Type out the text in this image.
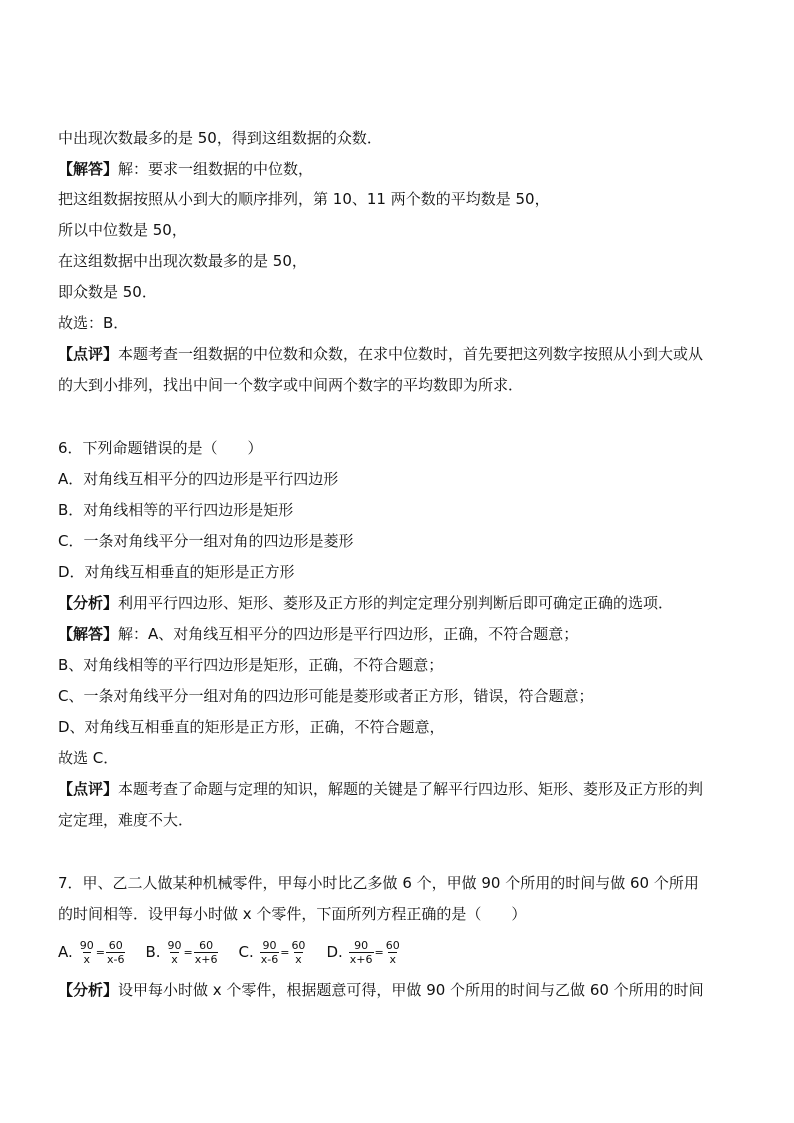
中出现次数最多的是 50，得到这组数据的众数．
【解答】解：要求一组数据的中位数，
把这组数据按照从小到大的顺序排列，第 10、11 两个数的平均数是 50，
所以中位数是 50，
在这组数据中出现次数最多的是 50，
即众数是 50．
故选：B．
【点评】本题考查一组数据的中位数和众数，在求中位数时，首先要把这列数字按照从小到大或从
的大到小排列，找出中间一个数字或中间两个数字的平均数即为所求．
6．下列命题错误的是（　　）
A．对角线互相平分的四边形是平行四边形
B．对角线相等的平行四边形是矩形
C．一条对角线平分一组对角的四边形是菱形
D．对角线互相垂直的矩形是正方形
【分析】利用平行四边形、矩形、菱形及正方形的判定定理分别判断后即可确定正确的选项．
【解答】解：A、对角线互相平分的四边形是平行四边形，正确，不符合题意；
B、对角线相等的平行四边形是矩形，正确，不符合题意；
C、一条对角线平分一组对角的四边形可能是菱形或者正方形，错误，符合题意；
D、对角线互相垂直的矩形是正方形，正确，不符合题意，
故选 C．
【点评】本题考查了命题与定理的知识，解题的关键是了解平行四边形、矩形、菱形及正方形的判
定定理，难度不大．
7．甲、乙二人做某种机械零件，甲每小时比乙多做 6 个，甲做 90 个所用的时间与做 60 个所用
的时间相等．设甲每小时做 x 个零件，下面所列方程正确的是（　　）
A. $\frac{90}{x} = \frac{60}{x-6} B$. $\frac{90}{x} = \frac{60}{x+6} C$. $\frac{90}{x-6} = \frac{60}{x} D$. $\frac{90}{x+6} = \frac{60}{x}$
【分析】设甲每小时做 x 个零件，根据题意可得，甲做 90 个所用的时间与乙做 60 个所用的时间
